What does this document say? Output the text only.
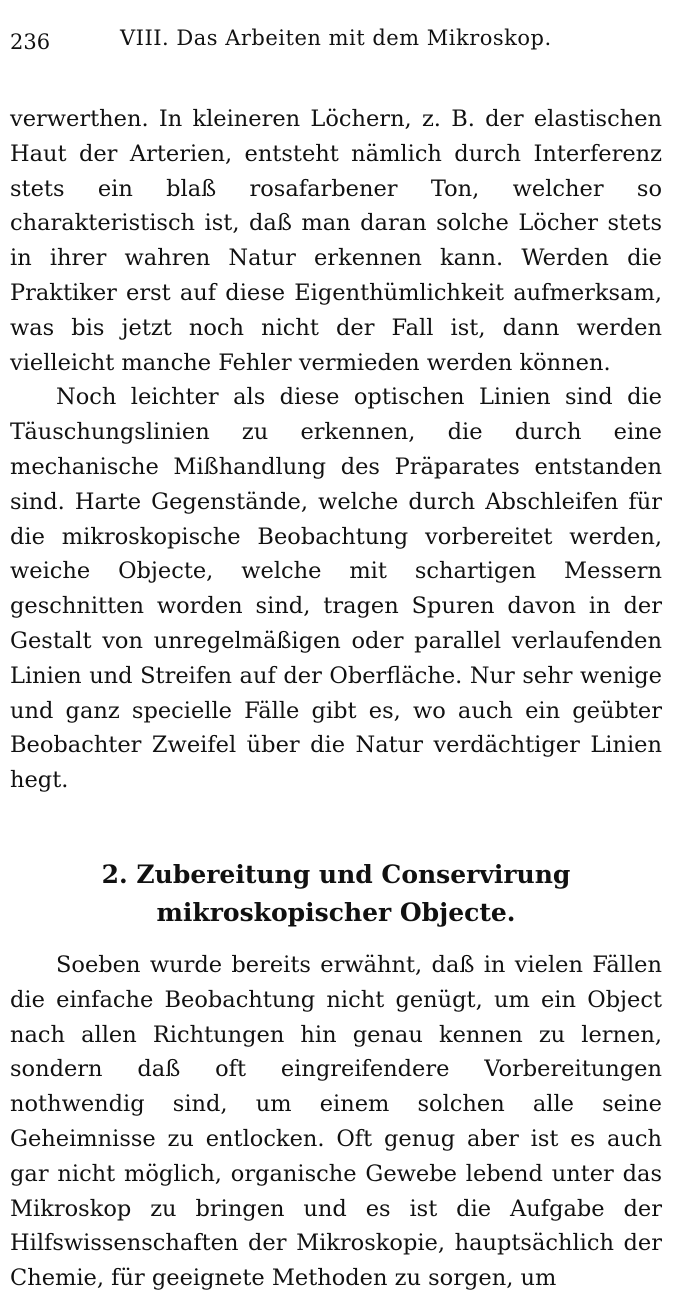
236	VIII. Das Arbeiten mit dem Mikroskop.

verwerthen. In kleineren Löchern, z. B. der elastischen Haut der Arterien, entsteht nämlich durch Interferenz stets ein blaß rosafarbener Ton, welcher so charakteristisch ist, daß man daran solche Löcher stets in ihrer wahren Natur erkennen kann. Werden die Praktiker erst auf diese Eigenthümlichkeit aufmerksam, was bis jetzt noch nicht der Fall ist, dann werden vielleicht manche Fehler vermieden werden können.

Noch leichter als diese optischen Linien sind die Täuschungslinien zu erkennen, die durch eine mechanische Mißhandlung des Präparates entstanden sind. Harte Gegenstände, welche durch Abschleifen für die mikroskopische Beobachtung vorbereitet werden, weiche Objecte, welche mit schartigen Messern geschnitten worden sind, tragen Spuren davon in der Gestalt von unregelmäßigen oder parallel verlaufenden Linien und Streifen auf der Oberfläche. Nur sehr wenige und ganz specielle Fälle gibt es, wo auch ein geübter Beobachter Zweifel über die Natur verdächtiger Linien hegt.

2. Zubereitung und Conservirung mikroskopischer Objecte.

Soeben wurde bereits erwähnt, daß in vielen Fällen die einfache Beobachtung nicht genügt, um ein Object nach allen Richtungen hin genau kennen zu lernen, sondern daß oft eingreifendere Vorbereitungen nothwendig sind, um einem solchen alle seine Geheimnisse zu entlocken. Oft genug aber ist es auch gar nicht möglich, organische Gewebe lebend unter das Mikroskop zu bringen und es ist die Aufgabe der Hilfswissenschaften der Mikroskopie, hauptsächlich der Chemie, für geeignete Methoden zu sorgen, um
